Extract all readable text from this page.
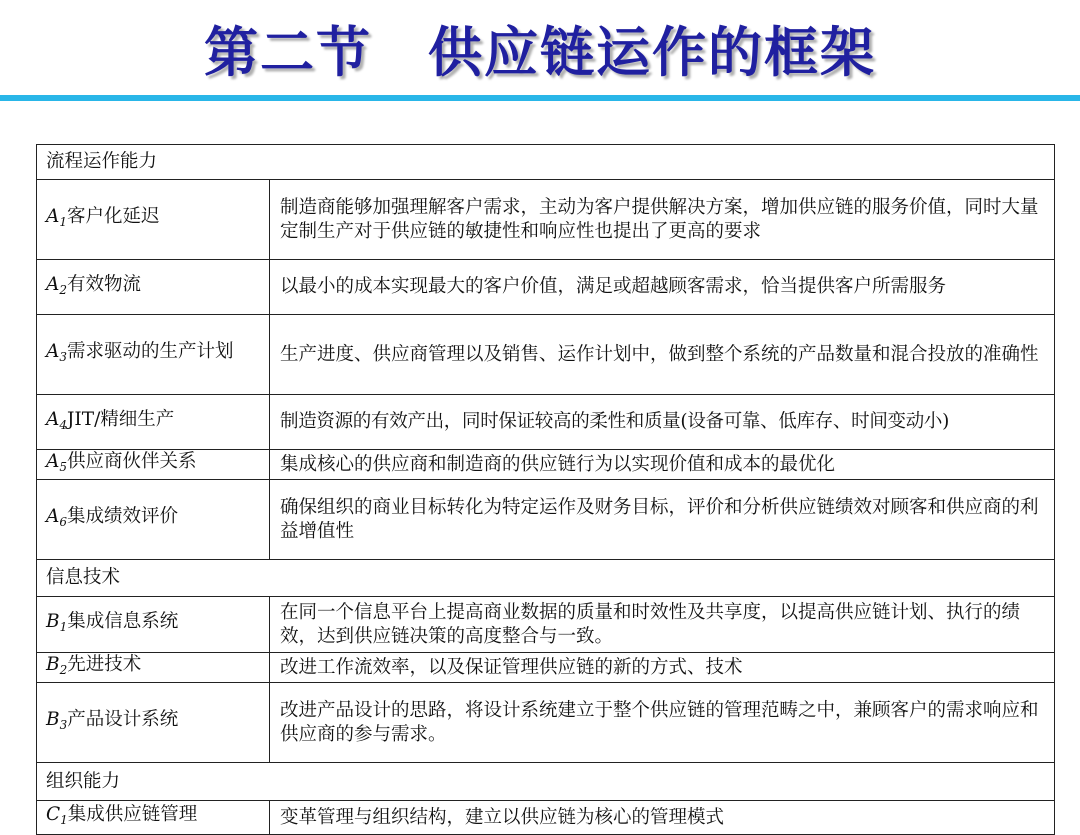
第二节　供应链运作的框架
流程运作能力	
$A_1$客户化延迟	制造商能够加强理解客户需求，主动为客户提供解决方案，增加供应链的服务价值，同时大量定制生产对于供应链的敏捷性和响应性也提出了更高的要求
$A_2$有效物流	以最小的成本实现最大的客户价值，满足或超越顾客需求，恰当提供客户所需服务
$A_3$需求驱动的生产计划	生产进度、供应商管理以及销售、运作计划中，做到整个系统的产品数量和混合投放的准确性
$A_4JIT/$精细生产	制造资源的有效产出，同时保证较高的柔性和质量(设备可靠、低库存、时间变动小)
$A_5$供应商伙伴关系	集成核心的供应商和制造商的供应链行为以实现价值和成本的最优化
$A_6$集成绩效评价	确保组织的商业目标转化为特定运作及财务目标，评价和分析供应链绩效对顾客和供应商的利益增值性
信息技术	
$B_1$集成信息系统	在同一个信息平台上提高商业数据的质量和时效性及共享度，以提高供应链计划、执行的绩效，达到供应链决策的高度整合与一致。
$B_2$先进技术	改进工作流效率，以及保证管理供应链的新的方式、技术
$B_3$产品设计系统	改进产品设计的思路，将设计系统建立于整个供应链的管理范畴之中，兼顾客户的需求响应和供应商的参与需求。
组织能力	
$C_1$集成供应链管理	变革管理与组织结构，建立以供应链为核心的管理模式
